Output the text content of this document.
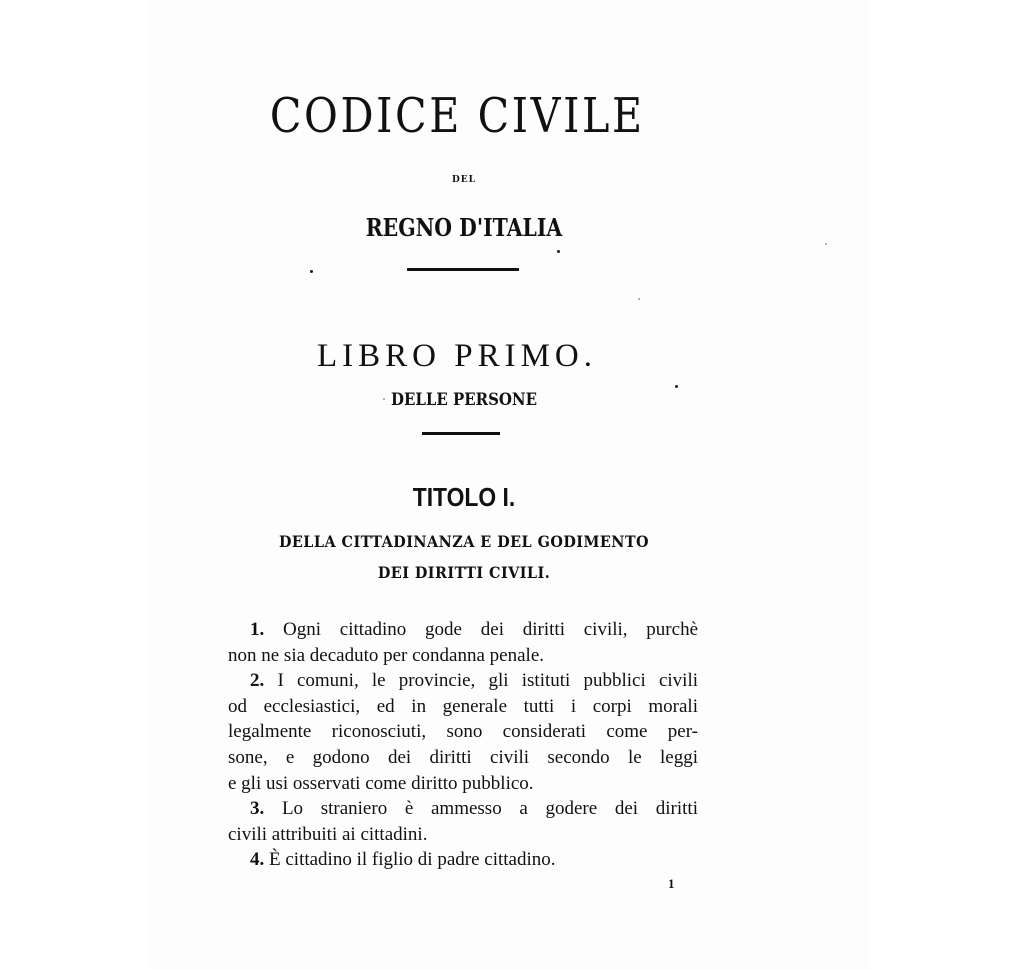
CODICE CIVILE
DEL
REGNO D'ITALIA
LIBRO PRIMO.
DELLE PERSONE
TITOLO I.
DELLA CITTADINANZA E DEL GODIMENTO
DEI DIRITTI CIVILI.
1. Ogni cittadino gode dei diritti civili, purchè
non ne sia decaduto per condanna penale.
2. I comuni, le provincie, gli istituti pubblici civili
od ecclesiastici, ed in generale tutti i corpi morali
legalmente riconosciuti, sono considerati come per-
sone, e godono dei diritti civili secondo le leggi
e gli usi osservati come diritto pubblico.
3. Lo straniero è ammesso a godere dei diritti
civili attribuiti ai cittadini.
4. È cittadino il figlio di padre cittadino.
1
